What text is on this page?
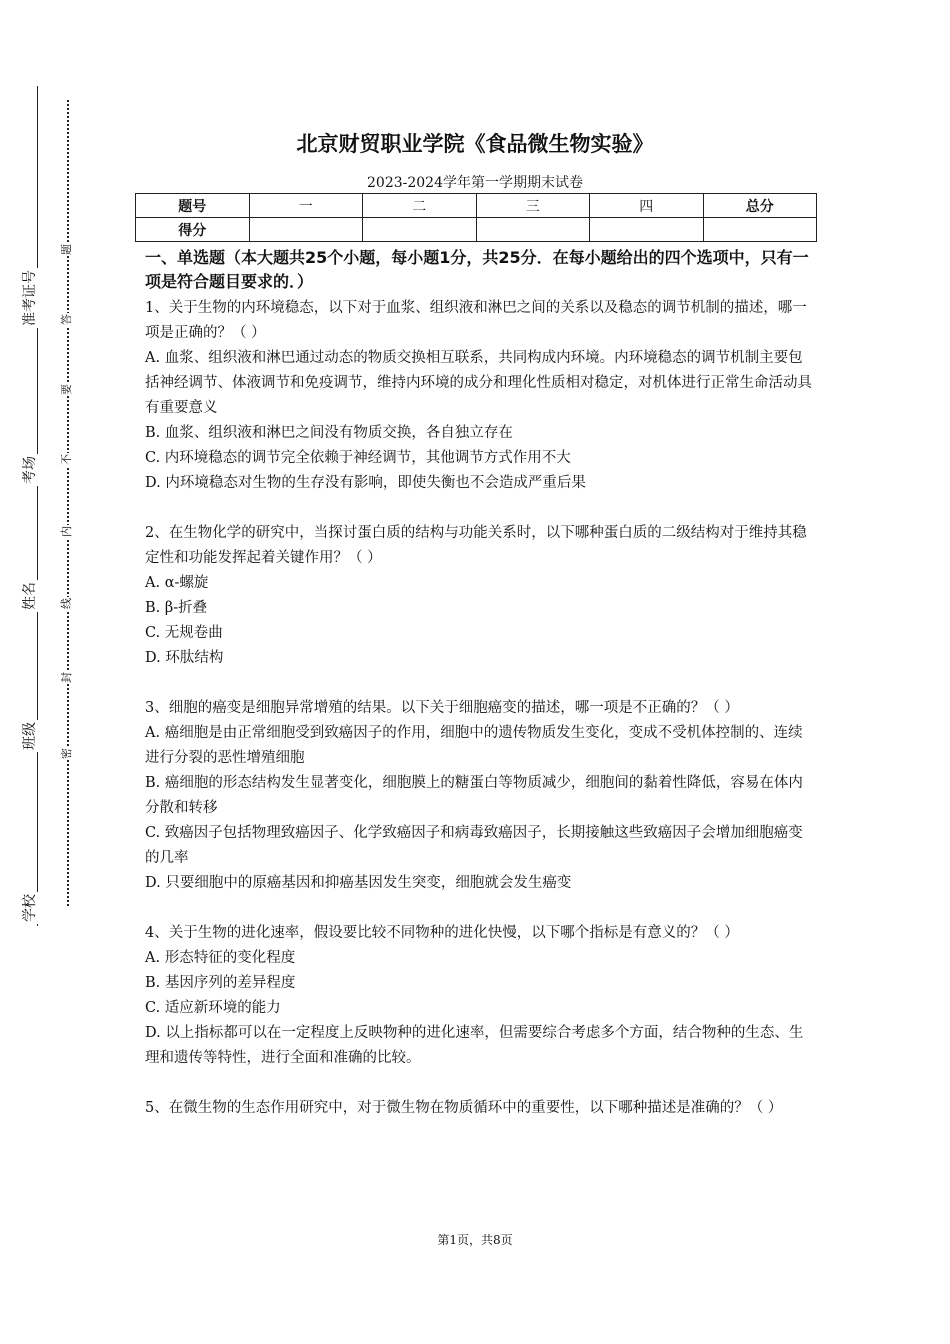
准考证号
考场
姓名
班级
学校
题
答
要
不
内
线
封
密
北京财贸职业学院《食品微生物实验》
2023-2024学年第一学期期末试卷
题号	一	二	三	四	总分
得分					
一、单选题（本大题共25个小题，每小题1分，共25分．在每小题给出的四个选项中，只有一项是符合题目要求的．）

1、关于生物的内环境稳态，以下对于血浆、组织液和淋巴之间的关系以及稳态的调节机制的描述，哪一项是正确的？（ ）

A. 血浆、组织液和淋巴通过动态的物质交换相互联系，共同构成内环境。内环境稳态的调节机制主要包括神经调节、体液调节和免疫调节，维持内环境的成分和理化性质相对稳定，对机体进行正常生命活动具有重要意义

B. 血浆、组织液和淋巴之间没有物质交换，各自独立存在

C. 内环境稳态的调节完全依赖于神经调节，其他调节方式作用不大

D. 内环境稳态对生物的生存没有影响，即使失衡也不会造成严重后果

2、在生物化学的研究中，当探讨蛋白质的结构与功能关系时，以下哪种蛋白质的二级结构对于维持其稳定性和功能发挥起着关键作用？（ ）

A. α-螺旋

B. β-折叠

C. 无规卷曲

D. 环肽结构

3、细胞的癌变是细胞异常增殖的结果。以下关于细胞癌变的描述，哪一项是不正确的？（ ）

A. 癌细胞是由正常细胞受到致癌因子的作用，细胞中的遗传物质发生变化，变成不受机体控制的、连续进行分裂的恶性增殖细胞

B. 癌细胞的形态结构发生显著变化，细胞膜上的糖蛋白等物质减少，细胞间的黏着性降低，容易在体内分散和转移

C. 致癌因子包括物理致癌因子、化学致癌因子和病毒致癌因子，长期接触这些致癌因子会增加细胞癌变的几率

D. 只要细胞中的原癌基因和抑癌基因发生突变，细胞就会发生癌变

4、关于生物的进化速率，假设要比较不同物种的进化快慢，以下哪个指标是有意义的？（ ）

A. 形态特征的变化程度

B. 基因序列的差异程度

C. 适应新环境的能力

D. 以上指标都可以在一定程度上反映物种的进化速率，但需要综合考虑多个方面，结合物种的生态、生理和遗传等特性，进行全面和准确的比较。

5、在微生物的生态作用研究中，对于微生物在物质循环中的重要性，以下哪种描述是准确的？（ ）

第1页，共8页
